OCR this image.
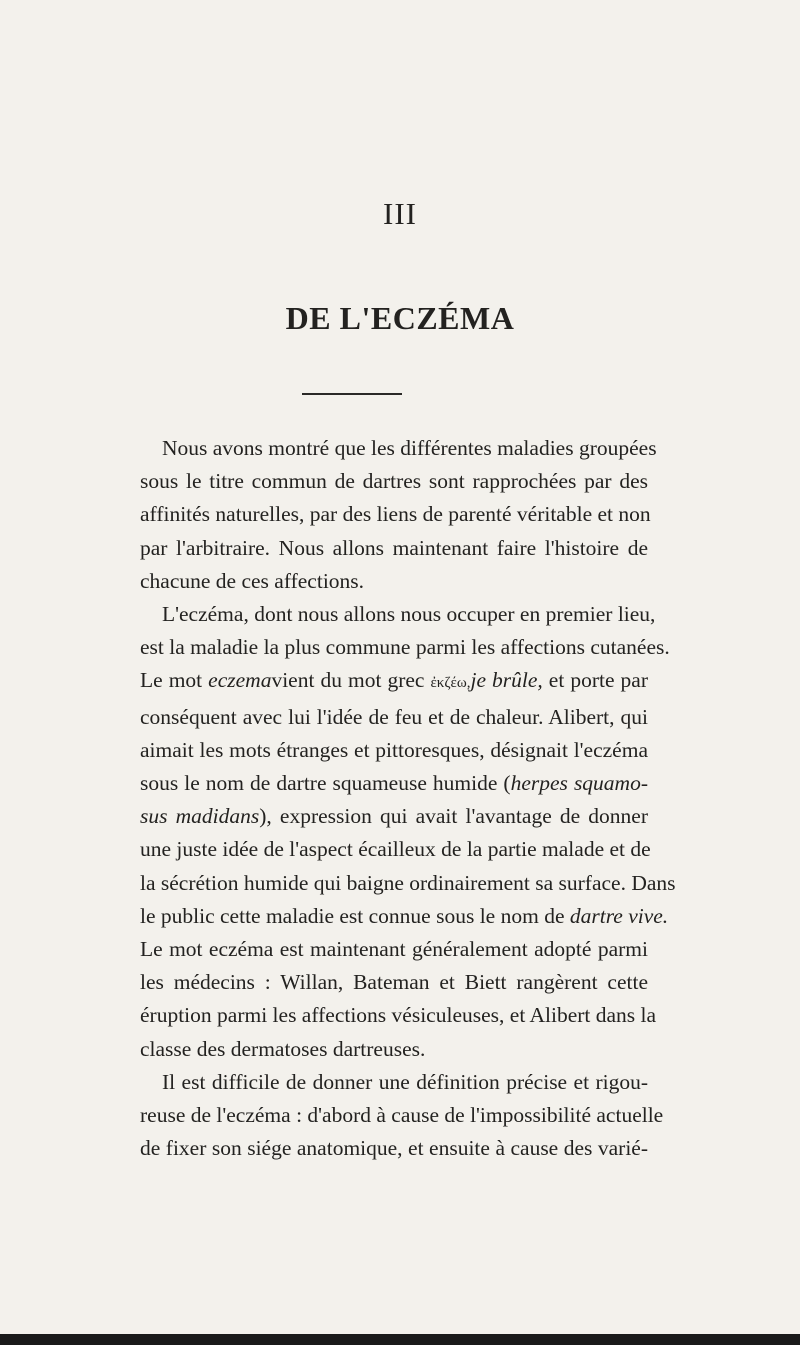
III
DE L'ECZÉMA
Nous avons montré que les différentes maladies groupées
sous le titre commun de dartres sont rapprochées par des
affinités naturelles, par des liens de parenté véritable et non
par l'arbitraire. Nous allons maintenant faire l'histoire de
chacune de ces affections.
L'eczéma, dont nous allons nous occuper en premier lieu,
est la maladie la plus commune parmi les affections cutanées.
Le mot eczemavient du mot grec ἐκζέω,je brûle, et porte par
conséquent avec lui l'idée de feu et de chaleur. Alibert, qui
aimait les mots étranges et pittoresques, désignait l'eczéma
sous le nom de dartre squameuse humide (herpes squamo-
sus madidans), expression qui avait l'avantage de donner
une juste idée de l'aspect écailleux de la partie malade et de
la sécrétion humide qui baigne ordinairement sa surface. Dans
le public cette maladie est connue sous le nom de dartre vive.
Le mot eczéma est maintenant généralement adopté parmi
les médecins : Willan, Bateman et Biett rangèrent cette
éruption parmi les affections vésiculeuses, et Alibert dans la
classe des dermatoses dartreuses.
Il est difficile de donner une définition précise et rigou-
reuse de l'eczéma : d'abord à cause de l'impossibilité actuelle
de fixer son siége anatomique, et ensuite à cause des varié-
